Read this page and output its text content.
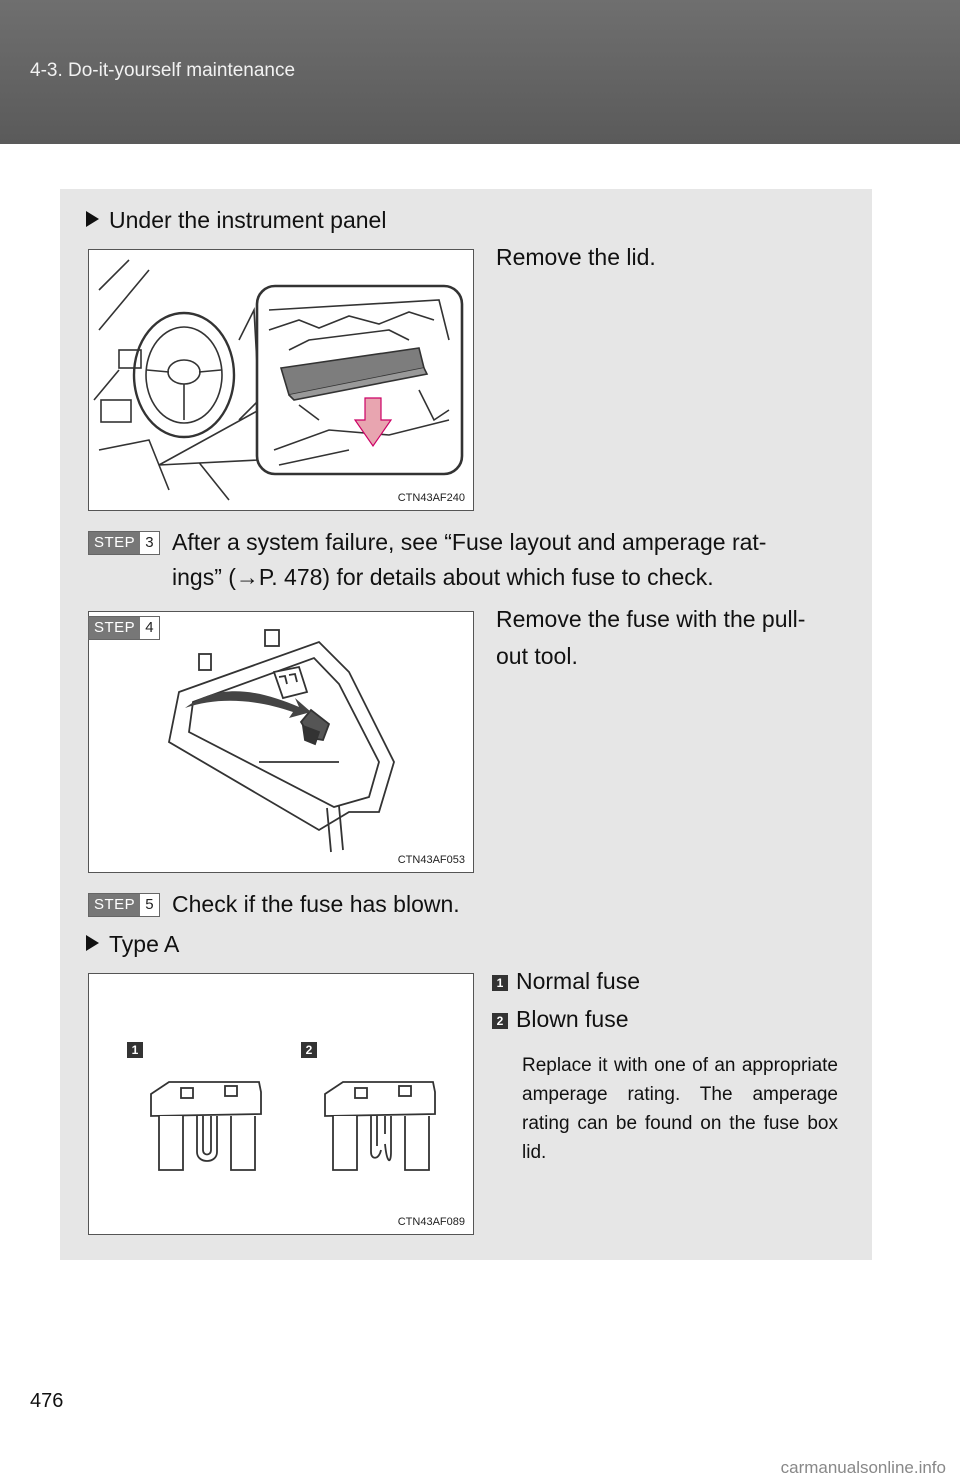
4-3. Do-it-yourself maintenance
Under the instrument panel
CTN43AF240
Remove the lid.
STEP 3 After a system failure, see “Fuse layout and amperage rat-
ings” (→P. 478) for details about which fuse to check.
STEP 4
CTN43AF053
Remove the fuse with the pull-
out tool.
STEP 5 Check if the fuse has blown.
Type A
1	2
CTN43AF089
1 Normal fuse
2 Blown fuse
Replace it with one of an appropriate amperage rating. The amperage rating can be found on the fuse box lid.
476
carmanualsonline.info
